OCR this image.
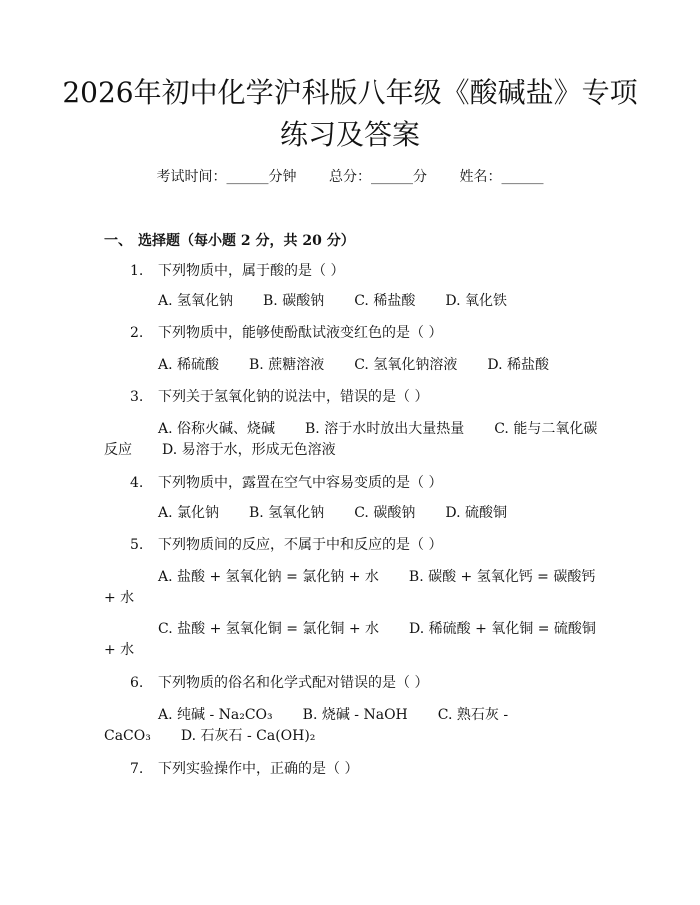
2026年初中化学沪科版八年级《酸碱盐》专项练习及答案
考试时间：______分钟 总分：______分 姓名：______
一、 选择题（每小题 2 分，共 20 分）
1. 下列物质中，属于酸的是（ ）
A. 氢氧化钠 B. 碳酸钠 C. 稀盐酸 D. 氧化铁
2. 下列物质中，能够使酚酞试液变红色的是（ ）
A. 稀硫酸 B. 蔗糖溶液 C. 氢氧化钠溶液 D. 稀盐酸
3. 下列关于氢氧化钠的说法中，错误的是（ ）
A. 俗称火碱、烧碱 B. 溶于水时放出大量热量 C. 能与二氧化碳反应 D. 易溶于水，形成无色溶液
4. 下列物质中，露置在空气中容易变质的是（ ）
A. 氯化钠 B. 氢氧化钠 C. 碳酸钠 D. 硫酸铜
5. 下列物质间的反应，不属于中和反应的是（ ）
A. 盐酸 + 氢氧化钠 = 氯化钠 + 水 B. 碳酸 + 氢氧化钙 = 碳酸钙 + 水
C. 盐酸 + 氢氧化铜 = 氯化铜 + 水 D. 稀硫酸 + 氧化铜 = 硫酸铜 + 水
6. 下列物质的俗名和化学式配对错误的是（ ）
A. 纯碱 - Na₂CO₃ B. 烧碱 - NaOH C. 熟石灰 - CaCO₃ D. 石灰石 - Ca(OH)₂
7. 下列实验操作中，正确的是（ ）
